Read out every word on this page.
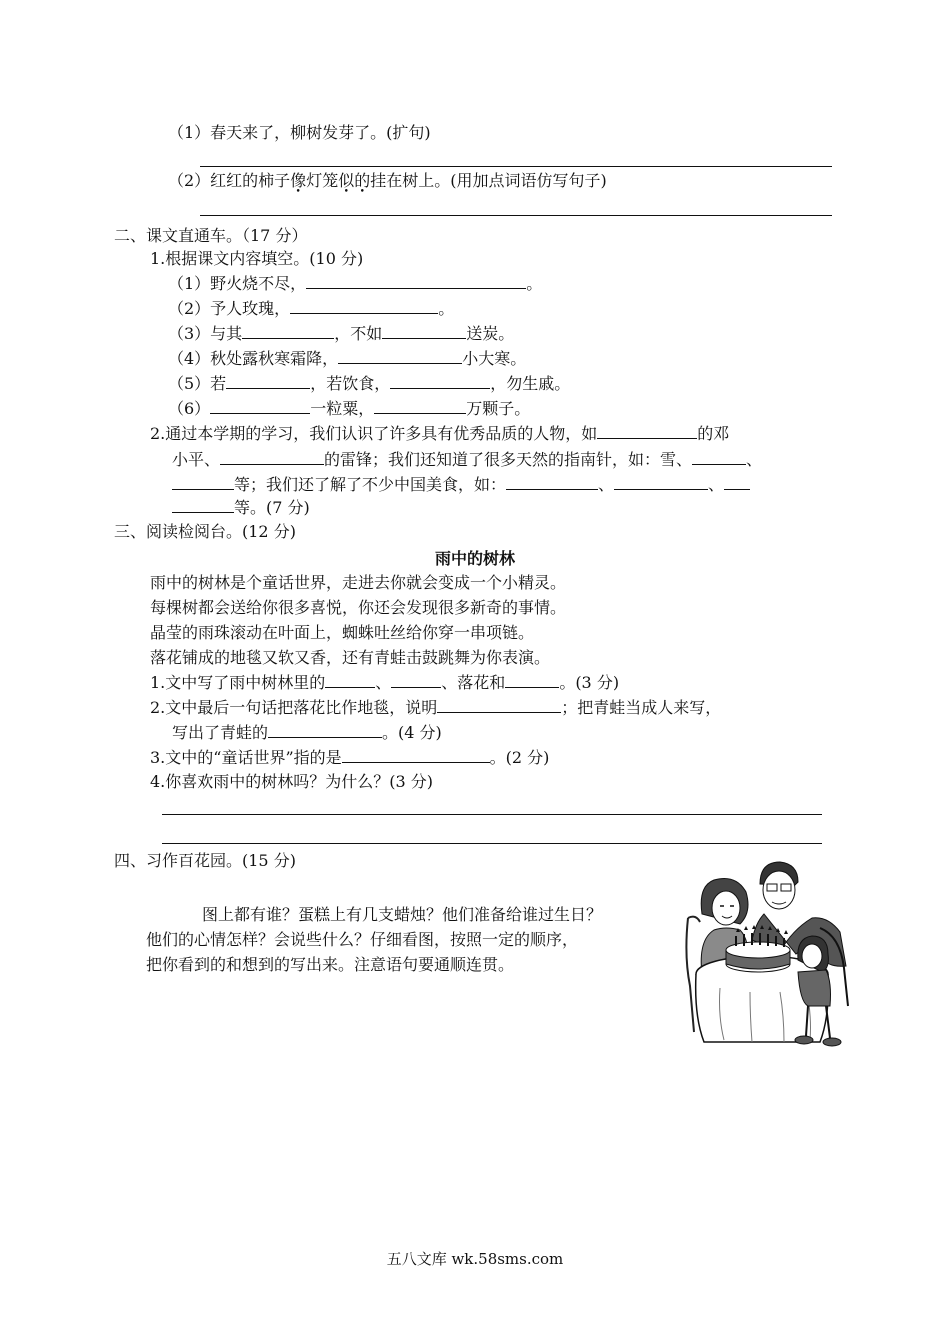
（1）春天来了，柳树发芽了。(扩句)
（2）红红的柿子像灯笼似的挂在树上。(用加点词语仿写句子)
二、课文直通车。（17 分）
1.根据课文内容填空。(10 分)
（1）野火烧不尽，	。
（2）予人玫瑰，	。
（3）与其	，不如	送炭。
（4）秋处露秋寒霜降，	小大寒。
（5）若	，若饮食，	，勿生戚。
（6）	一粒粟，	万颗子。
2.通过本学期的学习，我们认识了许多具有优秀品质的人物，如	的邓
小平、	的雷锋；我们还知道了很多天然的指南针，如：雪、	、
等；我们还了解了不少中国美食，如：	、	、
等。(7 分)
三、阅读检阅台。(12 分)
雨中的树林
雨中的树林是个童话世界，走进去你就会变成一个小精灵。
每棵树都会送给你很多喜悦，你还会发现很多新奇的事情。
晶莹的雨珠滚动在叶面上，蜘蛛吐丝给你穿一串项链。
落花铺成的地毯又软又香，还有青蛙击鼓跳舞为你表演。
1.文中写了雨中树林里的	、	、落花和	。(3 分)
2.文中最后一句话把落花比作地毯，说明	；把青蛙当成人来写，
写出了青蛙的	。(4 分)
3.文中的“童话世界”指的是	。(2 分)
4.你喜欢雨中的树林吗？为什么？(3 分)
四、习作百花园。(15 分)
图上都有谁？蛋糕上有几支蜡烛？他们准备给谁过生日？
他们的心情怎样？会说些什么？仔细看图，按照一定的顺序，
把你看到的和想到的写出来。注意语句要通顺连贯。
五八文库 wk.58sms.com
